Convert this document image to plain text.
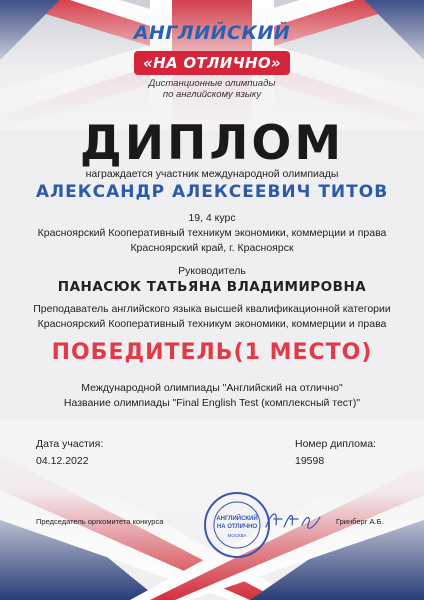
АНГЛИЙСКИЙ
«НА ОТЛИЧНО»
Дистанционные олимпиады
по английскому языку
ДИПЛОМ
награждается участник международной олимпиады
АЛЕКСАНДР АЛЕКСЕЕВИЧ ТИТОВ
19, 4 курс
Красноярский Кооперативный техникум экономики, коммерции и права
Красноярский край, г. Красноярск
Руководитель
ПАНАСЮК ТАТЬЯНА ВЛАДИМИРОВНА
Преподаватель английского языка высшей квалификационной категории
Красноярский Кооперативный техникум экономики, коммерции и права
ПОБЕДИТЕЛЬ(1 МЕСТО)
Международной олимпиады "Английский на отлично"
Название олимпиады "Final English Test (комплексный тест)"
Дата участия:
04.12.2022
Номер диплома:
19598
Председатель оргкомитета конкурса	АНГЛИЙСКИЙ
НА ОТЛИЧНО
МОСКВА
Гринберг А.Б.
